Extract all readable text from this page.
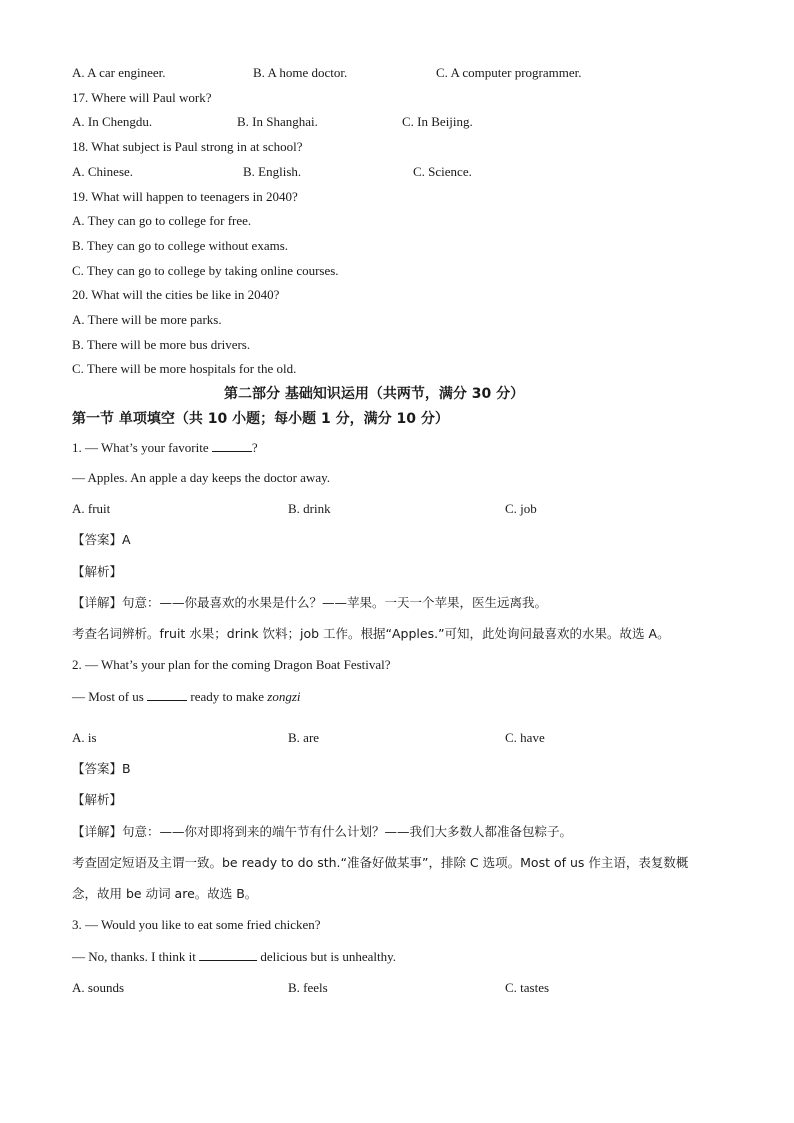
A. A car engineer.	B. A home doctor.	C. A computer programmer.
17. Where will Paul work?
A. In Chengdu.	B. In Shanghai.	C. In Beijing.
18. What subject is Paul strong in at school?
A. Chinese.	B. English.	C. Science.
19. What will happen to teenagers in 2040?
A. They can go to college for free.
B. They can go to college without exams.
C. They can go to college by taking online courses.
20. What will the cities be like in 2040?
A. There will be more parks.
B. There will be more bus drivers.
C. There will be more hospitals for the old.
第二部分 基础知识运用（共两节，满分 30 分）
第一节 单项填空（共 10 小题；每小题 1 分，满分 10 分）
1. — What’s your favorite	?
— Apples. An apple a day keeps the doctor away.
A. fruit	B. drink	C. job
【答案】A
【解析】
【详解】句意：——你最喜欢的水果是什么？——苹果。一天一个苹果，医生远离我。
考查名词辨析。fruit 水果；drink 饮料；job 工作。根据“Apples.”可知，此处询问最喜欢的水果。故选 A。
2. — What’s your plan for the coming Dragon Boat Festival?
— Most of us	ready to make zongzi
A. is	B. are	C. have
【答案】B
【解析】
【详解】句意：——你对即将到来的端午节有什么计划？——我们大多数人都准备包粽子。
考查固定短语及主谓一致。be ready to do sth.“准备好做某事”，排除 C 选项。Most of us 作主语，表复数概
念，故用 be 动词 are。故选 B。
3. — Would you like to eat some fried chicken?
— No, thanks. I think it	delicious but is unhealthy.
A. sounds	B. feels	C. tastes
